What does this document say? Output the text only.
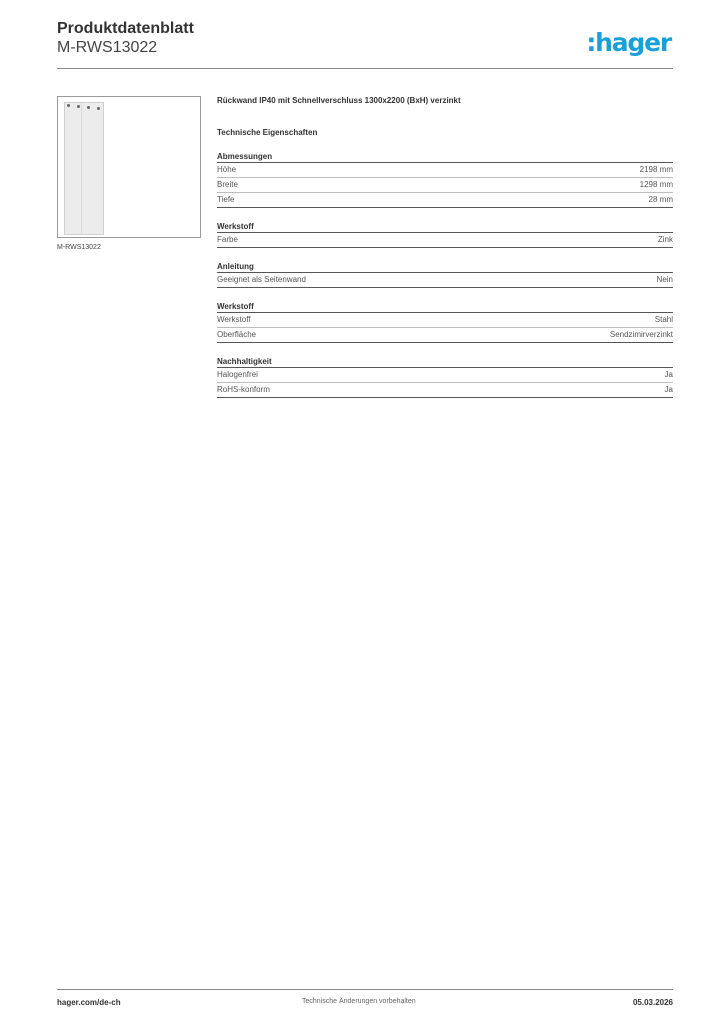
Produktdatenblatt
M-RWS13022	:hager
M-RWS13022
Rückwand IP40 mit Schnellverschluss 1300x2200 (BxH) verzinkt
Technische Eigenschaften
Abmessungen
Höhe	2198 mm
Breite	1298 mm
Tiefe	28 mm
Werkstoff
Farbe	Zink
Anleitung
Geeignet als Seitenwand	Nein
Werkstoff
Werkstoff	Stahl
Oberfläche	Sendzimirverzinkt
Nachhaltigkeit
Halogenfrei	Ja
RoHS-konform	Ja
hager.com/de-ch	Technische Änderungen vorbehalten	05.03.2026
